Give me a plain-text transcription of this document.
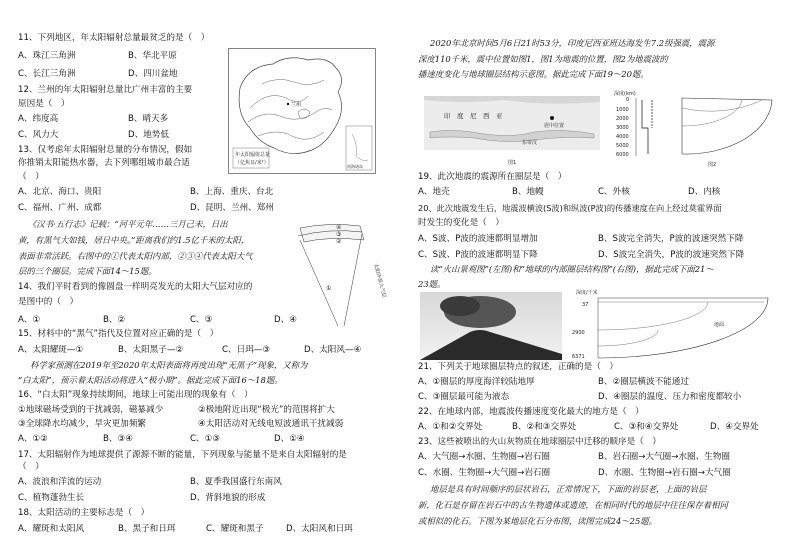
11、下列地区，年太阳辐射总量最贫乏的是（　）
A、珠江三角洲	B、华北平原
C、长江三角洲	D、四川盆地
12、兰州的年太阳辐射总量比广州丰富的主要
原因是（　）
A、纬度高	B、晴天多
C、风力大	D、地势低
13、仅考虑年太阳辐射总量的分布情况，假如
你推销太阳能热水器，去下列哪组城市最合适
（　）
A、北京、海口、贵阳	B、上海、重庆、台北
C、福州、广州、成都	D、昆明、兰州、郑州
《汉书·五行志》记载：“河平元年……三月己未，日出
黄，有黑气大如钱，居日中央。”距离我们约1.5亿千米的太阳，
表面非常活跃。右图中的①代表太阳内部，②③④代表太阳大气
层的三个圈层。完成下面14～15题。
14、我们平时看到的像圆盘一样明亮发光的太阳大气层对应的
是图中的（　）
A、①	B、②	C、③	D、④
15、材料中的“黑气”指代及位置对应正确的是（　）
A、太阳耀斑—①	B、太阳黑子—②	C、日珥—③	D、太阳风—④
科学家预测在2019年至2020年太阳表面将再度出现“无黑子”现象，又称为
“白太阳”，预示着太阳活动将进入“极小期”。据此完成下面16～18题。
16、“白太阳”现象持续期间，地球上可能出现的现象有（　）
①地球磁场受到的干扰减弱，磁暴减少	②极地附近出现“极光”的范围将扩大
③全球降水均减少，旱灾更加频繁	④太阳活动对无线电短波通讯干扰减弱
A、①②	B、③④	C、①③	D、①④
17、太阳辐射作为地球提供了源源不断的能量，下列现象与能量不是来自太阳辐射的是
（　）
A、波浪和洋流的运动	B、夏季我国盛行东南风
C、植物蓬勃生长	D、背斜地貌的形成
18、太阳活动的主要标志是（　）
A、耀斑和太阳风	B、黑子和日珥	C、耀斑和黑子	D、太阳风和日珥
兰州
年太阳辐射总量
（亿焦耳/米²）
南海诸岛
④
③
②
①	太阳外部大气层
2020年北京时间5月6日21时53分，印度尼西亚班达海发生7.2级强震，震源
深度110千米，震中位置如图1，图1为地震的位置，图2为地震波的
播速度变化与地球圈层结构示意图。据此完成下面19～20题。
19、此次地震的震源所在圈层是（　）
A、地壳	B、地幔	C、外核	D、内核
20、此次地震发生后，地震波横波(S波)和纵波(P波)的传播速度在向上经过莫霍界面
时发生的变化是（　）
A、S波、P波的波速都明显增加	B、S波完全消失，P波的波速突然下降
C、S波、P波的波速都明显下降	D、S波完全消失，P波的波速突然下降
读“火山景观图”(左图)和“地球的内部圈层结构图”(右图)，据此完成下面21～
23题。
21、下列关于地球圈层特点的叙述，正确的是（　）
A、①圈层的厚度海洋较陆地厚	B、②圈层横波不能通过
C、③圈层最可能为液态	D、④圈层的温度、压力和密度都较小
22、在地球内部，地震波传播速度变化最大的地方是（　）
A、①和②交界处	B、②和③交界处	C、③和④交界处	D、④交界处
23、这些被喷出的火山灰物质在地球圈层中迁移的顺序是（　）
A、大气圈→水圈、生物圈→岩石圈	B、岩石圈→大气圈→水圈、生物圈
C、水圈、生物圈→大气圈→岩石圈	D、水圈、生物圈→岩石圈→大气圈
地层是具有时间顺序的层状岩石，正常情况下，下面的岩层老，上面的岩层
新，化石是存留在岩石中的古生物遗体或遗迹，在相同时代的地层中往往保存着相同
或相似的化石。下图为某地层化石分布图，读图完成24～25题。
印　度　尼　西　亚
震中位置
东帝汶
图1
深度(km)
0
1000
2000
3000
4000
5000
6000
图2
深度/千米
37
2900
6371
地面
